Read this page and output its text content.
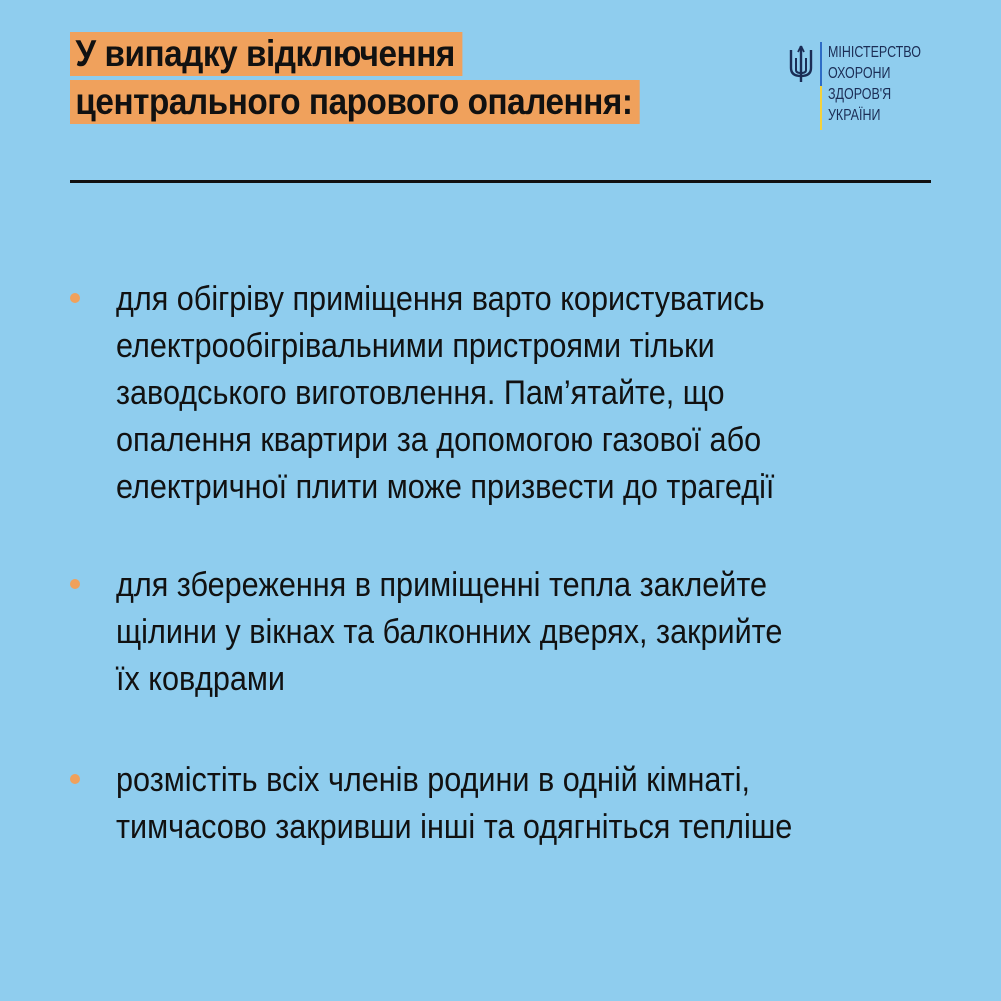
У випадку відключення
центрального парового опалення:
МІНІСТЕРСТВО
ОХОРОНИ
ЗДОРОВ'Я
УКРАЇНИ
для обігріву приміщення варто користуватись
електрообігрівальними пристроями тільки
заводського виготовлення. Пам’ятайте, що
опалення квартири за допомогою газової або
електричної плити може призвести до трагедії
для збереження в приміщенні тепла заклейте
щілини у вікнах та балконних дверях, закрийте
їх ковдрами
розмістіть всіх членів родини в одній кімнаті,
тимчасово закривши інші та одягніться тепліше
